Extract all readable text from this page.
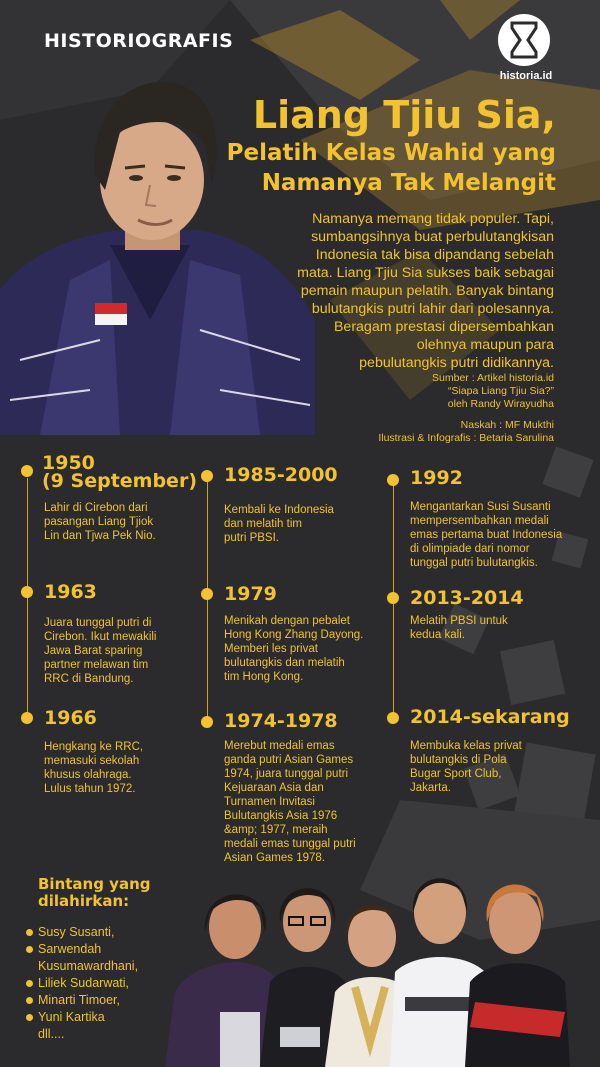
HISTORIOGRAFIS
historia.id
Liang Tjiu Sia,
Pelatih Kelas Wahid yang
Namanya Tak Melangit
Namanya memang tidak populer. Tapi,
sumbangsihnya buat perbulutangkisan
Indonesia tak bisa dipandang sebelah
mata. Liang Tjiu Sia sukses baik sebagai
pemain maupun pelatih. Banyak bintang
bulutangkis putri lahir dari polesannya.
Beragam prestasi dipersembahkan
olehnya maupun para
pebulutangkis putri didikannya.
Sumber : Artikel historia.id
“Siapa Liang Tjiu Sia?”
oleh Randy Wirayudha
Naskah : MF Mukthi
Ilustrasi & Infografis : Betaria Sarulina
1950
(9 September)
Lahir di Cirebon dari
pasangan Liang Tjiok
Lin dan Tjwa Pek Nio.
1963
Juara tunggal putri di
Cirebon. Ikut mewakili
Jawa Barat sparing
partner melawan tim
RRC di Bandung.
1966
Hengkang ke RRC,
memasuki sekolah
khusus olahraga.
Lulus tahun 1972.
1985-2000
Kembali ke Indonesia
dan melatih tim
putri PBSI.
1979
Menikah dengan pebalet
Hong Kong Zhang Dayong.
Memberi les privat
bulutangkis dan melatih
tim Hong Kong.
1974-1978
Merebut medali emas
ganda putri Asian Games
1974, juara tunggal putri
Kejuaraan Asia dan
Turnamen Invitasi
Bulutangkis Asia 1976
&amp; 1977, meraih
medali emas tunggal putri
Asian Games 1978.
1992
Mengantarkan Susi Susanti
mempersembahkan medali
emas pertama buat Indonesia
di olimpiade dari nomor
tunggal putri bulutangkis.
2013-2014
Melatih PBSI untuk
kedua kali.
2014-sekarang
Membuka kelas privat
bulutangkis di Pola
Bugar Sport Club,
Jakarta.
Bintang yang
dilahirkan:
Susy Susanti,
Sarwendah
Kusumawardhani,
Liliek Sudarwati,
Minarti Timoer,
Yuni Kartika
dll....
